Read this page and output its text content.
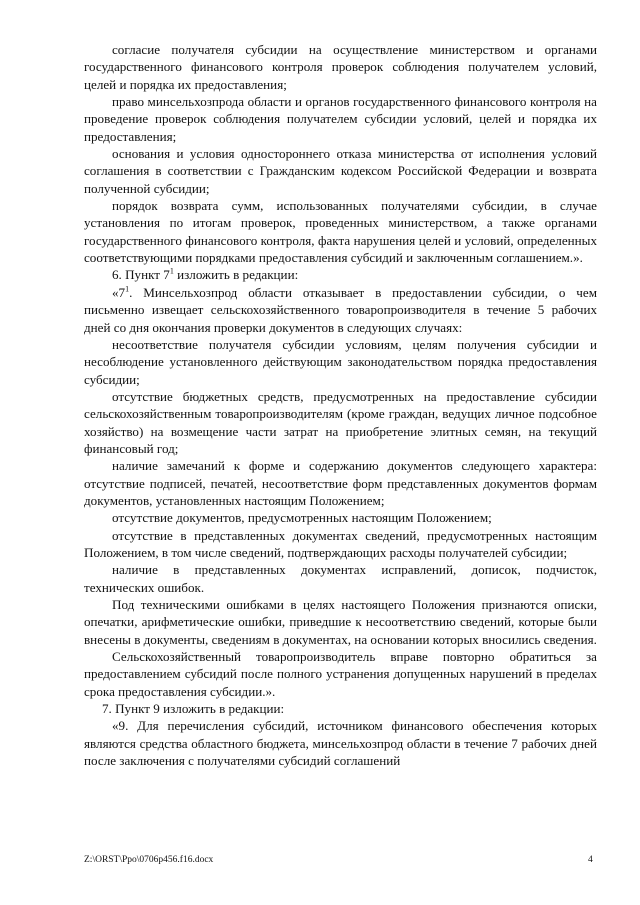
согласие получателя субсидии на осуществление министерством и органами государственного финансового контроля проверок соблюдения получателем условий, целей и порядка их предоставления;

право минсельхозпрода области и органов государственного финансового контроля на проведение проверок соблюдения получателем субсидии условий, целей и порядка их предоставления;

основания и условия одностороннего отказа министерства от исполнения условий соглашения в соответствии с Гражданским кодексом Российской Федерации и возврата полученной субсидии;

порядок возврата сумм, использованных получателями субсидии, в случае установления по итогам проверок, проведенных министерством, а также органами государственного финансового контроля, факта нарушения целей и условий, определенных соответствующими порядками предоставления субсидий и заключенным соглашением.».

6. Пункт $7^1$ изложить в редакции:

«$7^1$. Минсельхозпрод области отказывает в предоставлении субсидии, о чем письменно извещает сельскохозяйственного товаропроизводителя в течение 5 рабочих дней со дня окончания проверки документов в следующих случаях:

несоответствие получателя субсидии условиям, целям получения субсидии и несоблюдение установленного действующим законодательством порядка предоставления субсидии;

отсутствие бюджетных средств, предусмотренных на предоставление субсидии сельскохозяйственным товаропроизводителям (кроме граждан, ведущих личное подсобное хозяйство) на возмещение части затрат на приобретение элитных семян, на текущий финансовый год;

наличие замечаний к форме и содержанию документов следующего характера: отсутствие подписей, печатей, несоответствие форм представленных документов формам документов, установленных настоящим Положением;

отсутствие документов, предусмотренных настоящим Положением;

отсутствие в представленных документах сведений, предусмотренных настоящим Положением, в том числе сведений, подтверждающих расходы получателей субсидии;

наличие в представленных документах исправлений, дописок, подчисток, технических ошибок.

Под техническими ошибками в целях настоящего Положения признаются описки, опечатки, арифметические ошибки, приведшие к несоответствию сведений, которые были внесены в документы, сведениям в документах, на основании которых вносились сведения.

Сельскохозяйственный товаропроизводитель вправе повторно обратиться за предоставлением субсидий после полного устранения допущенных нарушений в пределах срока предоставления субсидии.».

7. Пункт 9 изложить в редакции:

«9. Для перечисления субсидий, источником финансового обеспечения которых являются средства областного бюджета, минсельхозпрод области в течение 7 рабочих дней после заключения с получателями субсидий соглашений

Z:\ORST\Ppo\0706p456.f16.docx	4
